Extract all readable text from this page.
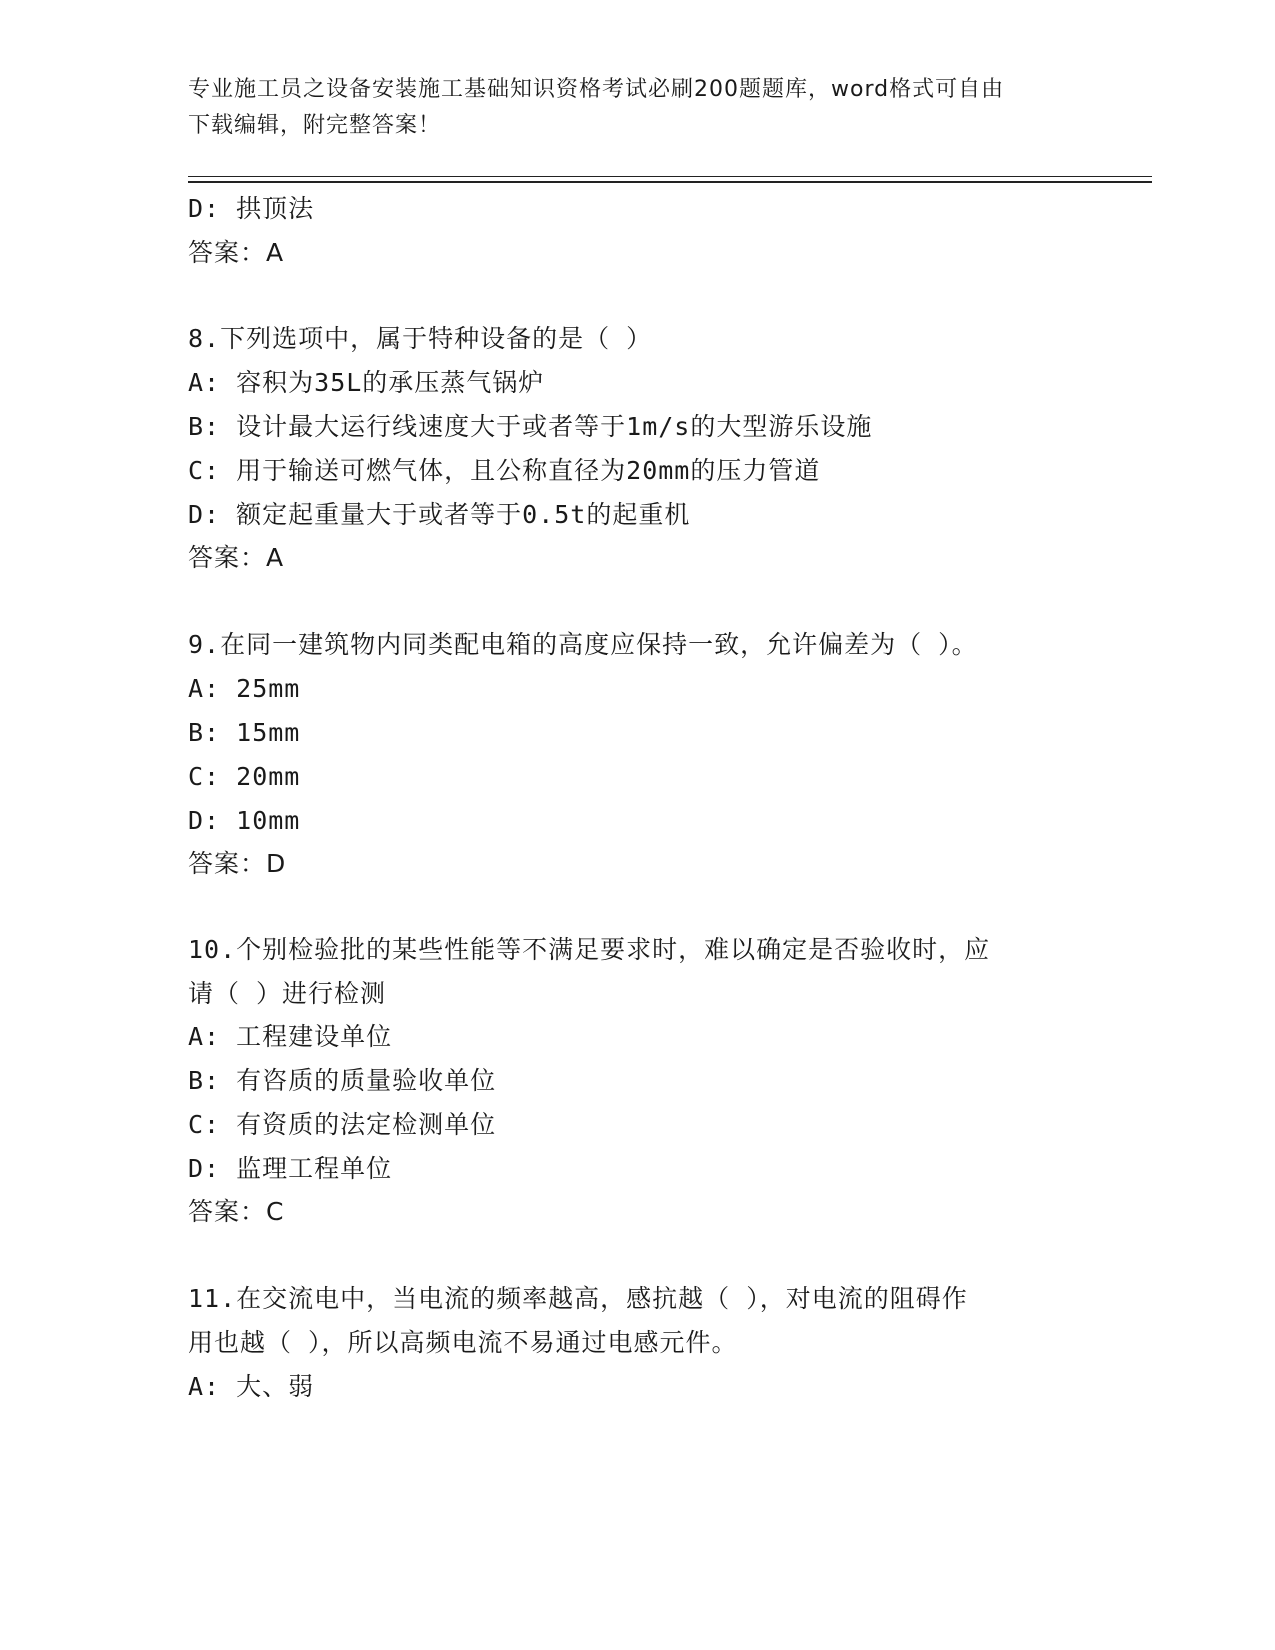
专业施工员之设备安装施工基础知识资格考试必刷200题题库，word格式可自由
下载编辑，附完整答案！
D: 拱顶法
答案：A
8.下列选项中，属于特种设备的是（ ）
A: 容积为35L的承压蒸气锅炉
B: 设计最大运行线速度大于或者等于1m/s的大型游乐设施
C: 用于输送可燃气体，且公称直径为20mm的压力管道
D: 额定起重量大于或者等于0.5t的起重机
答案：A
9.在同一建筑物内同类配电箱的高度应保持一致，允许偏差为（ ）。
A: 25mm
B: 15mm
C: 20mm
D: 10mm
答案：D
10.个别检验批的某些性能等不满足要求时，难以确定是否验收时，应
请（ ）进行检测
A: 工程建设单位
B: 有咨质的质量验收单位
C: 有资质的法定检测单位
D: 监理工程单位
答案：C
11.在交流电中，当电流的频率越高，感抗越（ ），对电流的阻碍作
用也越（ ），所以高频电流不易通过电感元件。
A: 大、弱
